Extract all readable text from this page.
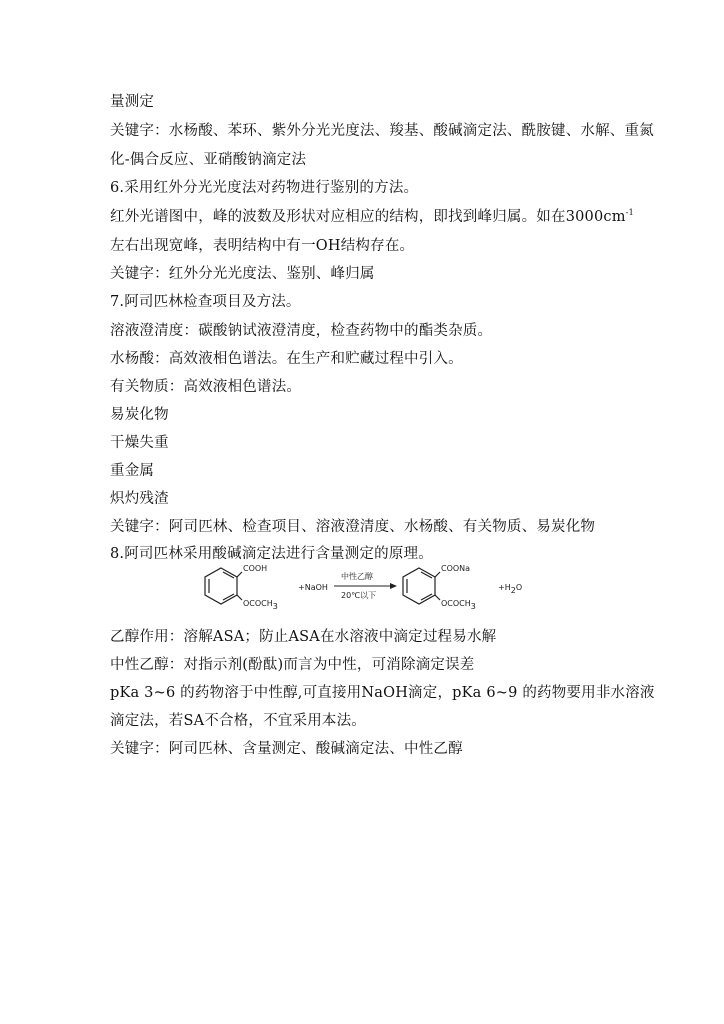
量测定
关键字：水杨酸、苯环、紫外分光光度法、羧基、酸碱滴定法、酰胺键、水解、重氮
化-偶合反应、亚硝酸钠滴定法
6.采用红外分光光度法对药物进行鉴别的方法。
红外光谱图中，峰的波数及形状对应相应的结构，即找到峰归属。如在$3000cm^{-1}$
左右出现宽峰，表明结构中有一OH结构存在。
关键字：红外分光光度法、鉴别、峰归属
7.阿司匹林检查项目及方法。
溶液澄清度：碳酸钠试液澄清度，检查药物中的酯类杂质。
水杨酸：高效液相色谱法。在生产和贮藏过程中引入。
有关物质：高效液相色谱法。
易炭化物
干燥失重
重金属
炽灼残渣
关键字：阿司匹林、检查项目、溶液澄清度、水杨酸、有关物质、易炭化物
8.阿司匹林采用酸碱滴定法进行含量测定的原理。
COOH
OCOCH3
+NaOH
中性乙醇
20℃以下
COONa
OCOCH3
+H2O
乙醇作用：溶解ASA；防止ASA在水溶液中滴定过程易水解
中性乙醇：对指示剂(酚酞)而言为中性，可消除滴定误差
pKa 3~6 的药物溶于中性醇,可直接用NaOH滴定，pKa 6~9 的药物要用非水溶液
滴定法，若SA不合格，不宜采用本法。
关键字：阿司匹林、含量测定、酸碱滴定法、中性乙醇
